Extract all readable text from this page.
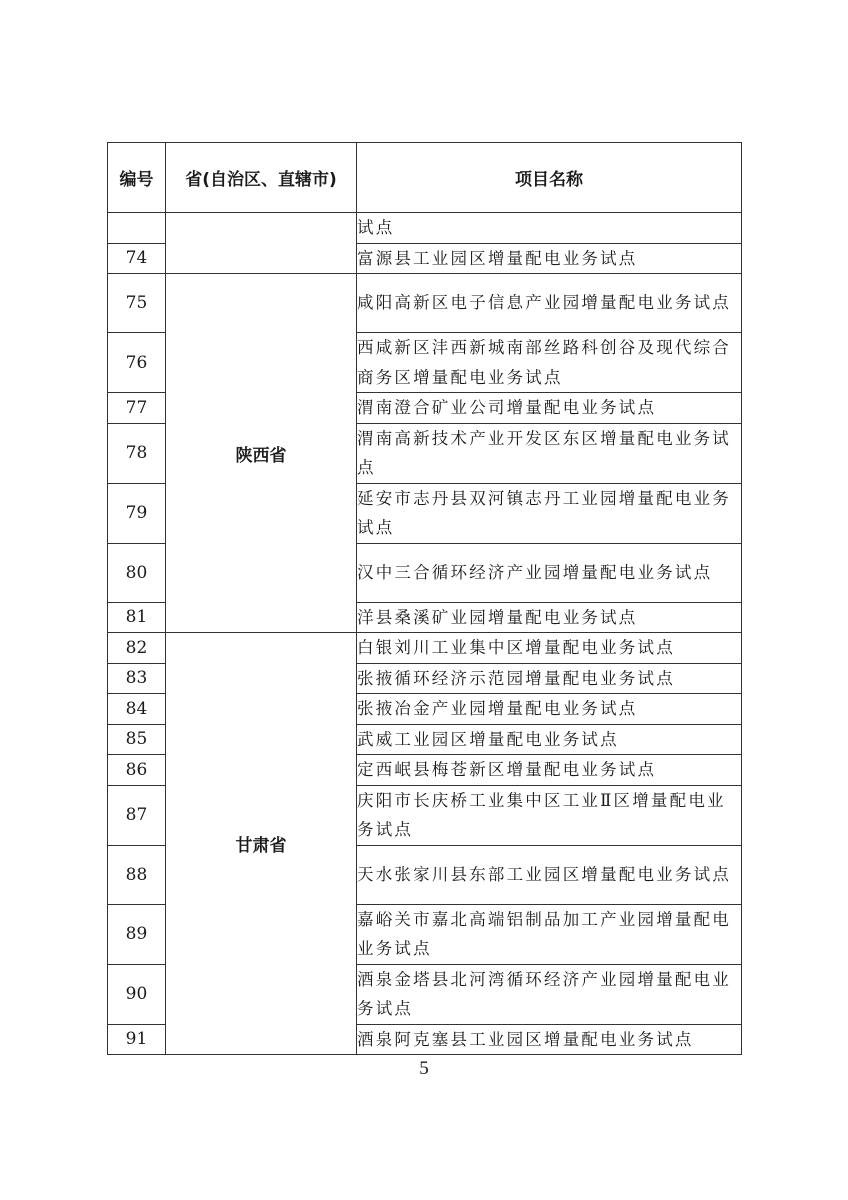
编号	省(自治区、直辖市)	项目名称
		试点
74		富源县工业园区增量配电业务试点
75	陕西省	咸阳高新区电子信息产业园增量配电业务试点
76		西咸新区沣西新城南部丝路科创谷及现代综合商务区增量配电业务试点
77		渭南澄合矿业公司增量配电业务试点
78		渭南高新技术产业开发区东区增量配电业务试点
79		延安市志丹县双河镇志丹工业园增量配电业务试点
80		汉中三合循环经济产业园增量配电业务试点
81		洋县桑溪矿业园增量配电业务试点
82	甘肃省	白银刘川工业集中区增量配电业务试点
83		张掖循环经济示范园增量配电业务试点
84		张掖冶金产业园增量配电业务试点
85		武威工业园区增量配电业务试点
86		定西岷县梅苍新区增量配电业务试点
87		庆阳市长庆桥工业集中区工业Ⅱ区增量配电业务试点
88		天水张家川县东部工业园区增量配电业务试点
89		嘉峪关市嘉北高端铝制品加工产业园增量配电业务试点
90		酒泉金塔县北河湾循环经济产业园增量配电业务试点
91		酒泉阿克塞县工业园区增量配电业务试点
5
